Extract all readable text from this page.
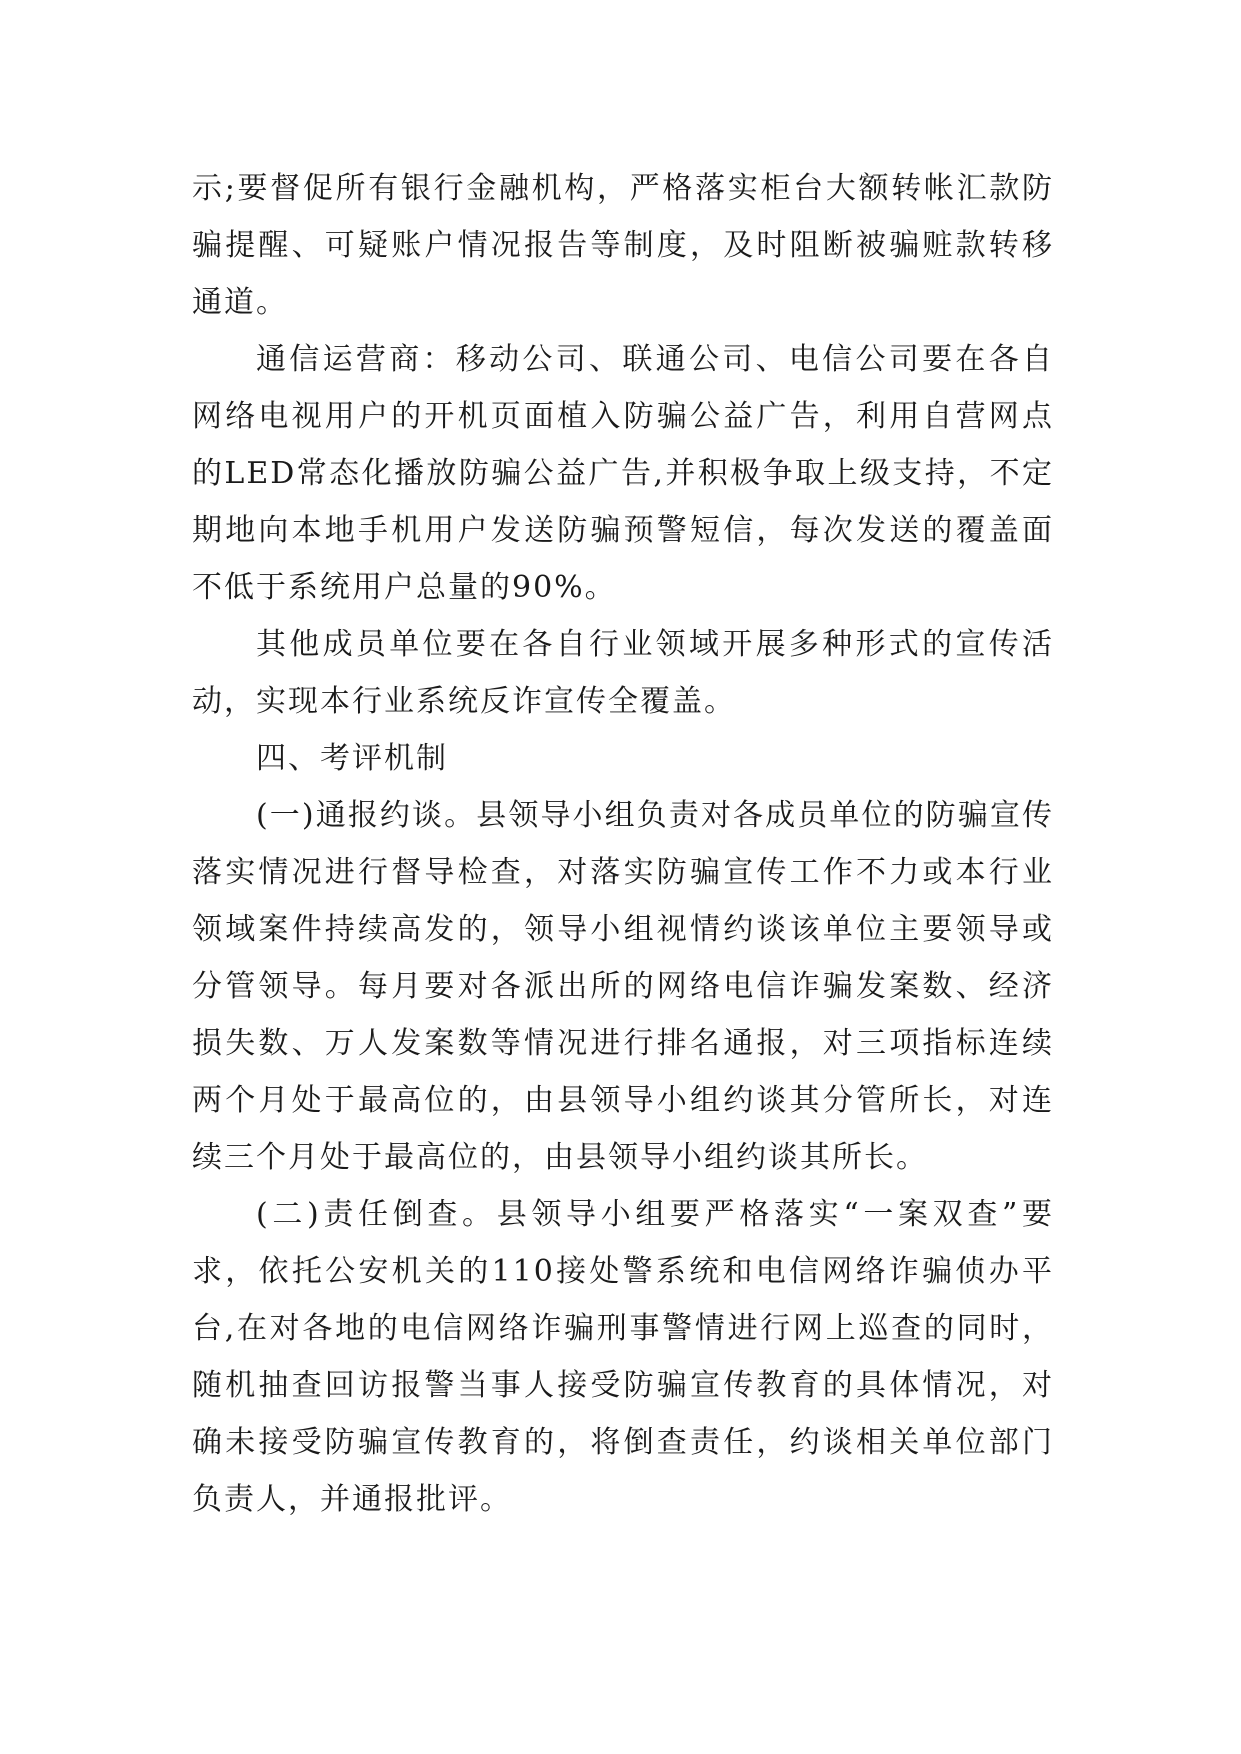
示;要督促所有银行金融机构，严格落实柜台大额转帐汇款防骗提醒、可疑账户情况报告等制度，及时阻断被骗赃款转移通道。

通信运营商：移动公司、联通公司、电信公司要在各自网络电视用户的开机页面植入防骗公益广告，利用自营网点的LED常态化播放防骗公益广告,并积极争取上级支持，不定期地向本地手机用户发送防骗预警短信，每次发送的覆盖面不低于系统用户总量的90%。

其他成员单位要在各自行业领域开展多种形式的宣传活动，实现本行业系统反诈宣传全覆盖。

四、考评机制

(一)通报约谈。县领导小组负责对各成员单位的防骗宣传落实情况进行督导检查，对落实防骗宣传工作不力或本行业领域案件持续高发的，领导小组视情约谈该单位主要领导或分管领导。每月要对各派出所的网络电信诈骗发案数、经济损失数、万人发案数等情况进行排名通报，对三项指标连续两个月处于最高位的，由县领导小组约谈其分管所长，对连续三个月处于最高位的，由县领导小组约谈其所长。

(二)责任倒查。县领导小组要严格落实“一案双查”要求，依托公安机关的110接处警系统和电信网络诈骗侦办平台,在对各地的电信网络诈骗刑事警情进行网上巡查的同时，随机抽查回访报警当事人接受防骗宣传教育的具体情况，对确未接受防骗宣传教育的，将倒查责任，约谈相关单位部门负责人，并通报批评。
